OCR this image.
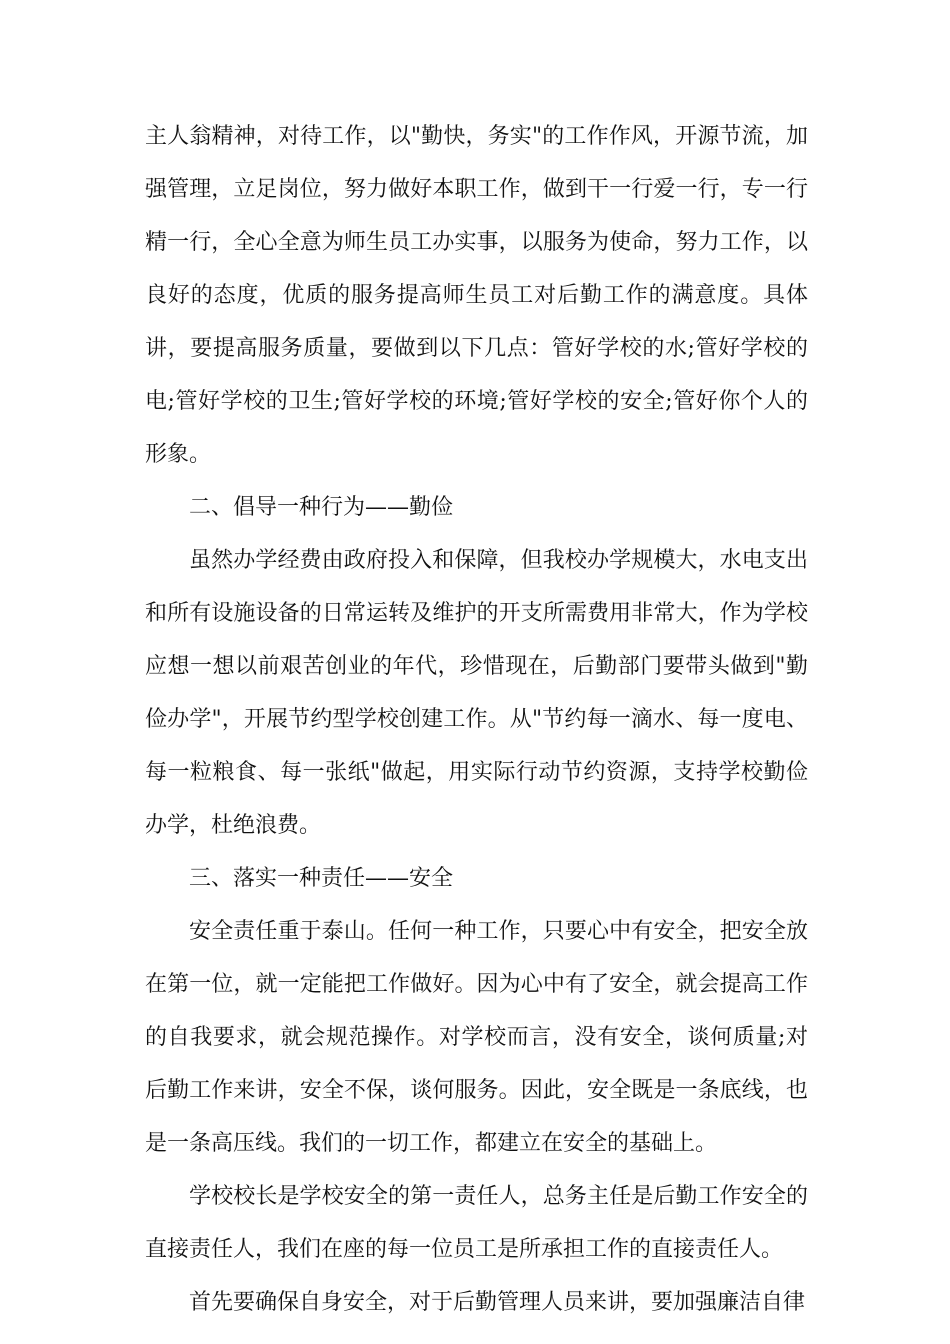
主人翁精神，对待工作，以"勤快，务实"的工作作风，开源节流，加强管理，立足岗位，努力做好本职工作，做到干一行爱一行，专一行精一行，全心全意为师生员工办实事，以服务为使命，努力工作，以良好的态度，优质的服务提高师生员工对后勤工作的满意度。具体讲，要提高服务质量，要做到以下几点：管好学校的水;管好学校的电;管好学校的卫生;管好学校的环境;管好学校的安全;管好你个人的形象。

二、倡导一种行为——勤俭

虽然办学经费由政府投入和保障，但我校办学规模大，水电支出和所有设施设备的日常运转及维护的开支所需费用非常大，作为学校应想一想以前艰苦创业的年代，珍惜现在，后勤部门要带头做到"勤俭办学"，开展节约型学校创建工作。从"节约每一滴水、每一度电、每一粒粮食、每一张纸"做起，用实际行动节约资源，支持学校勤俭办学，杜绝浪费。

三、落实一种责任——安全

安全责任重于泰山。任何一种工作，只要心中有安全，把安全放在第一位，就一定能把工作做好。因为心中有了安全，就会提高工作的自我要求，就会规范操作。对学校而言，没有安全，谈何质量;对后勤工作来讲，安全不保，谈何服务。因此，安全既是一条底线，也是一条高压线。我们的一切工作，都建立在安全的基础上。

学校校长是学校安全的第一责任人，总务主任是后勤工作安全的直接责任人，我们在座的每一位员工是所承担工作的直接责任人。

首先要确保自身安全，对于后勤管理人员来讲，要加强廉洁自律
